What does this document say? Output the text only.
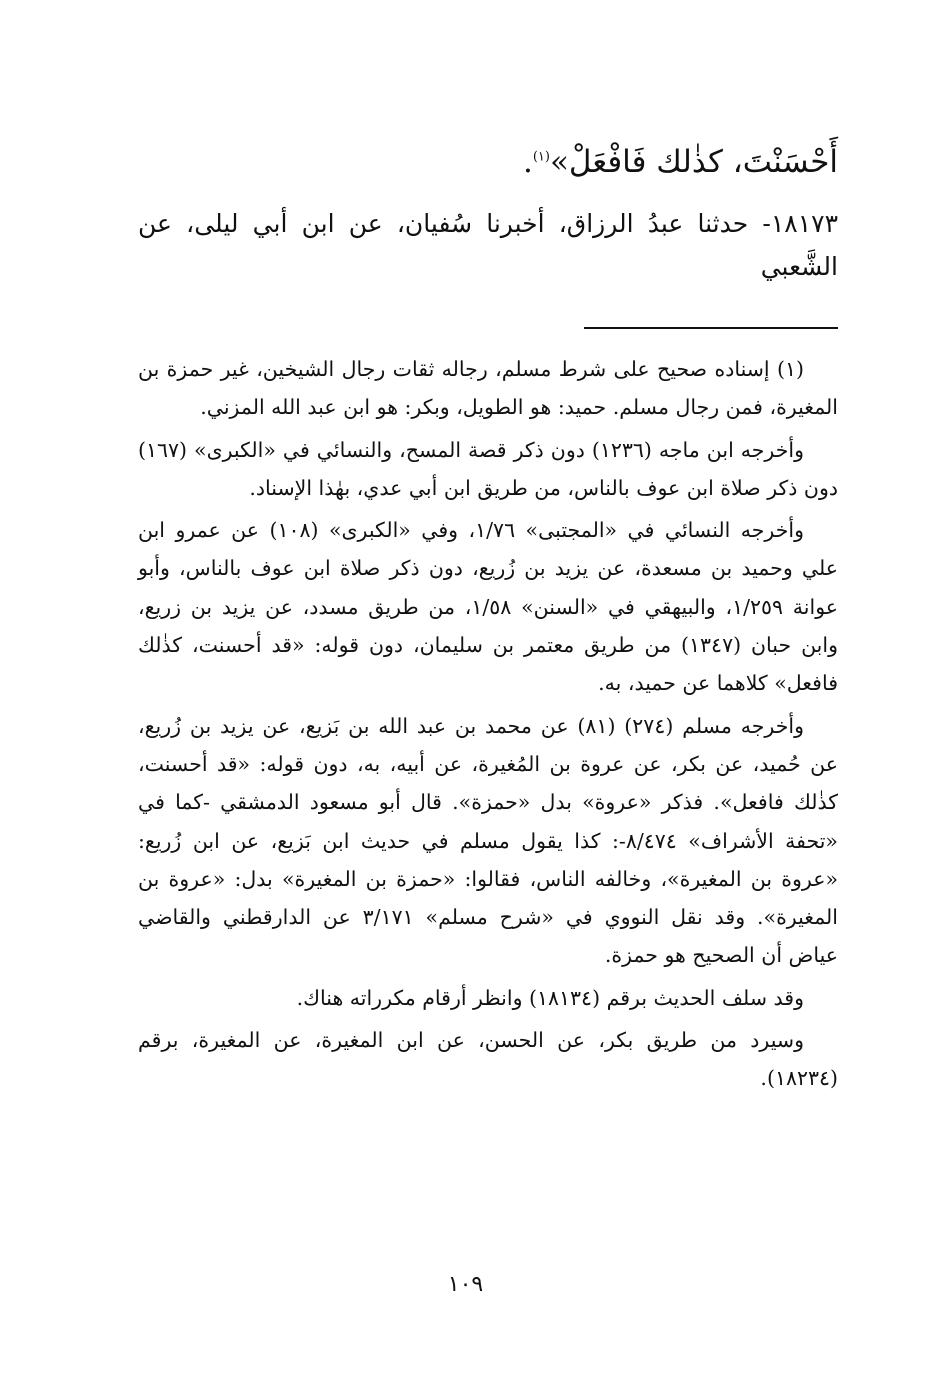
أَحْسَنْتَ، كذٰلك فَافْعَلْ»$^{(١)}$.
١٨١٧٣- حدثنا عبدُ الرزاق، أخبرنا سُفيان، عن ابن أبي ليلى، عن الشَّعبي

(١) إسناده صحيح على شرط مسلم، رجاله ثقات رجال الشيخين، غير حمزة بن المغيرة، فمن رجال مسلم. حميد: هو الطويل، وبكر: هو ابن عبد الله المزني.

وأخرجه ابن ماجه (١٢٣٦) دون ذكر قصة المسح، والنسائي في «الكبرى» (١٦٧) دون ذكر صلاة ابن عوف بالناس، من طريق ابن أبي عدي، بهٰذا الإسناد.

وأخرجه النسائي في «المجتبى» ١/٧٦، وفي «الكبرى» (١٠٨) عن عمرو ابن علي وحميد بن مسعدة، عن يزيد بن زُريع، دون ذكر صلاة ابن عوف بالناس، وأبو عوانة ١/٢٥٩، والبيهقي في «السنن» ١/٥٨، من طريق مسدد، عن يزيد بن زريع، وابن حبان (١٣٤٧) من طريق معتمر بن سليمان، دون قوله: «قد أحسنت، كذٰلك فافعل» كلاهما عن حميد، به.

وأخرجه مسلم (٢٧٤) (٨١) عن محمد بن عبد الله بن بَزيع، عن يزيد بن زُريع، عن حُميد، عن بكر، عن عروة بن المُغيرة، عن أبيه، به، دون قوله: «قد أحسنت، كذٰلك فافعل». فذكر «عروة» بدل «حمزة». قال أبو مسعود الدمشقي -كما في «تحفة الأشراف» ٨/٤٧٤-: كذا يقول مسلم في حديث ابن بَزيع، عن ابن زُريع: «عروة بن المغيرة»، وخالفه الناس، فقالوا: «حمزة بن المغيرة» بدل: «عروة بن المغيرة». وقد نقل النووي في «شرح مسلم» ٣/١٧١ عن الدارقطني والقاضي عياض أن الصحيح هو حمزة.

وقد سلف الحديث برقم (١٨١٣٤) وانظر أرقام مكرراته هناك.

وسيرد من طريق بكر، عن الحسن، عن ابن المغيرة، عن المغيرة، برقم (١٨٢٣٤).

١٠٩
